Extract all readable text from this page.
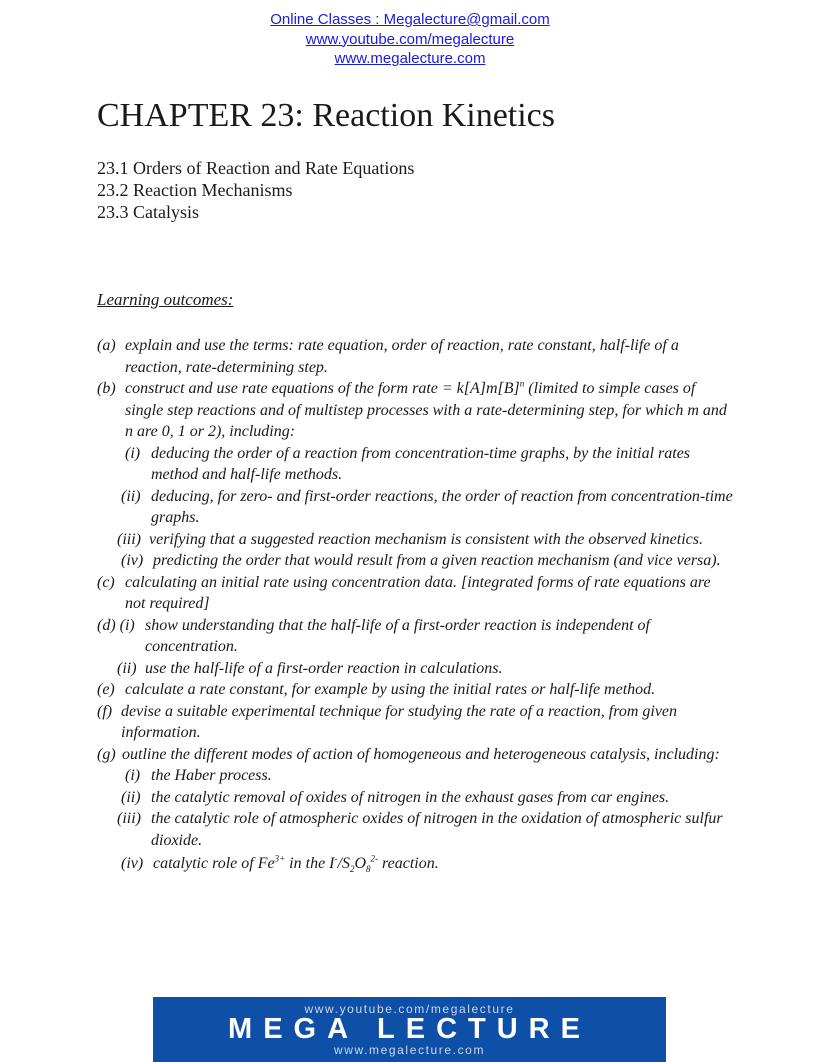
Online Classes : Megalecture@gmail.com
www.youtube.com/megalecture
www.megalecture.com
CHAPTER 23: Reaction Kinetics
23.1 Orders of Reaction and Rate Equations
23.2 Reaction Mechanisms
23.3 Catalysis
Learning outcomes:
(a) explain and use the terms: rate equation, order of reaction, rate constant, half-life of a
reaction, rate-determining step.
(b) construct and use rate equations of the form rate = $k[A]m[B]^n$ (limited to simple cases of
single step reactions and of multistep processes with a rate-determining step, for which m and
n are 0, 1 or 2), including:
(i) deducing the order of a reaction from concentration-time graphs, by the initial rates
method and half-life methods.
(ii) deducing, for zero- and first-order reactions, the order of reaction from concentration-time
graphs.
(iii) verifying that a suggested reaction mechanism is consistent with the observed kinetics.
(iv) predicting the order that would result from a given reaction mechanism (and vice versa).
(c) calculating an initial rate using concentration data. [integrated forms of rate equations are
not required]
(d) (i) show understanding that the half-life of a first-order reaction is independent of
concentration.
(ii) use the half-life of a first-order reaction in calculations.
(e) calculate a rate constant, for example by using the initial rates or half-life method.
(f) devise a suitable experimental technique for studying the rate of a reaction, from given
information.
(g) outline the different modes of action of homogeneous and heterogeneous catalysis, including:
(i) the Haber process.
(ii) the catalytic removal of oxides of nitrogen in the exhaust gases from car engines.
(iii) the catalytic role of atmospheric oxides of nitrogen in the oxidation of atmospheric sulfur
dioxide.
(iv) catalytic role of $Fe^{3+}$ in the $I^-/S_2O_8^{2-}$ reaction.
www.youtube.com/megalecture
MEGA LECTURE
www.megalecture.com
